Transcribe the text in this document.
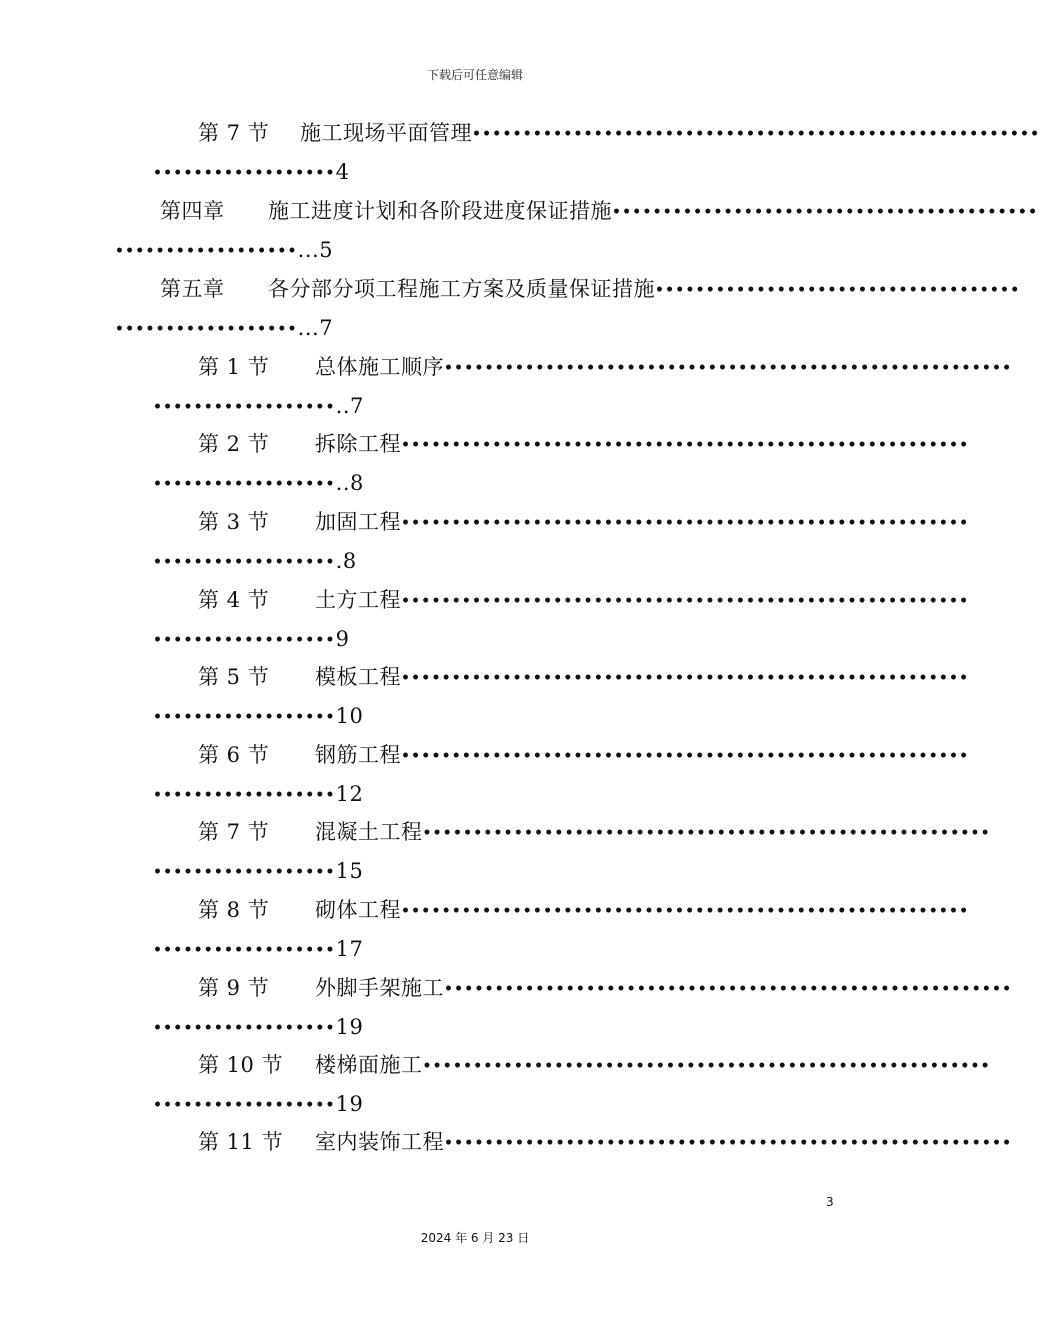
下载后可任意编辑
第 7 节 施工现场平面管理••••••••••••••••••••••••••••••••••••••••••••••••••••••••
••••••••••••••••••4
第四章 施工进度计划和各阶段进度保证措施••••••••••••••••••••••••••••••••••••••••••
••••••••••••••••••...5
第五章 各分部分项工程施工方案及质量保证措施••••••••••••••••••••••••••••••••••••
••••••••••••••••••...7
第 1 节 总体施工顺序••••••••••••••••••••••••••••••••••••••••••••••••••••••••
••••••••••••••••••..7
第 2 节 拆除工程••••••••••••••••••••••••••••••••••••••••••••••••••••••••
••••••••••••••••••..8
第 3 节 加固工程••••••••••••••••••••••••••••••••••••••••••••••••••••••••
••••••••••••••••••.8
第 4 节 土方工程••••••••••••••••••••••••••••••••••••••••••••••••••••••••
••••••••••••••••••9
第 5 节 模板工程••••••••••••••••••••••••••••••••••••••••••••••••••••••••
••••••••••••••••••10
第 6 节 钢筋工程••••••••••••••••••••••••••••••••••••••••••••••••••••••••
••••••••••••••••••12
第 7 节 混凝土工程••••••••••••••••••••••••••••••••••••••••••••••••••••••••
••••••••••••••••••15
第 8 节 砌体工程••••••••••••••••••••••••••••••••••••••••••••••••••••••••
••••••••••••••••••17
第 9 节 外脚手架施工••••••••••••••••••••••••••••••••••••••••••••••••••••••••
••••••••••••••••••19
第 10 节 楼梯面施工••••••••••••••••••••••••••••••••••••••••••••••••••••••••
••••••••••••••••••19
第 11 节 室内装饰工程••••••••••••••••••••••••••••••••••••••••••••••••••••••••
3
2024 年 6 月 23 日
